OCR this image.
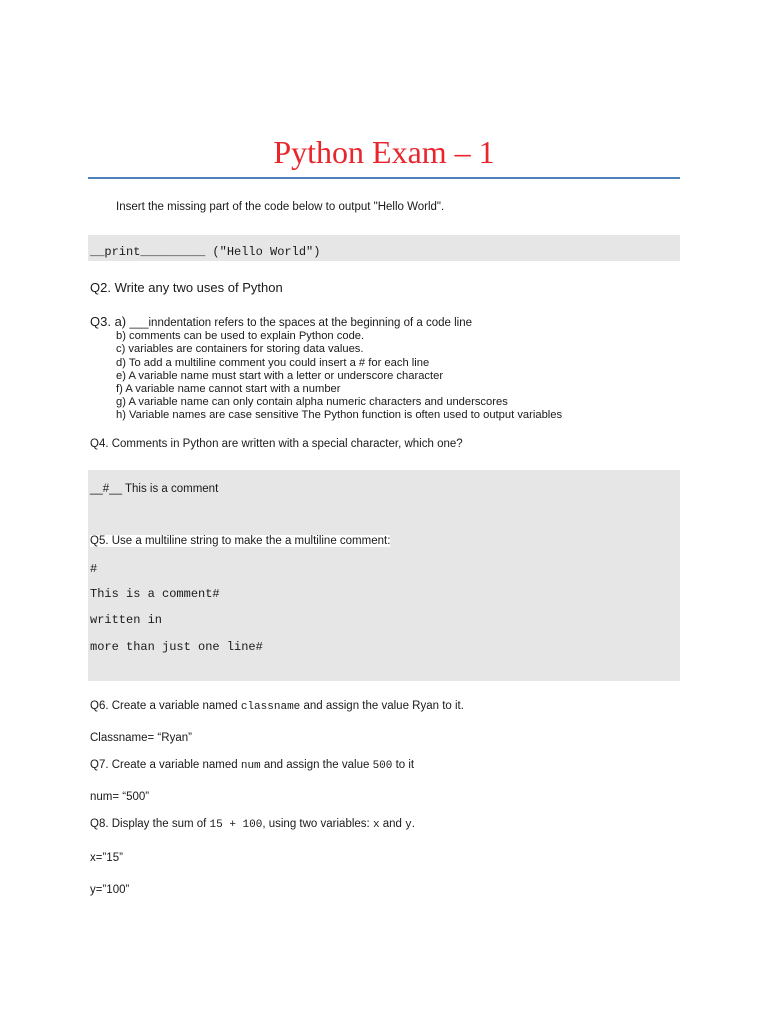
Python Exam – 1
Insert the missing part of the code below to output "Hello World".
__print_________ ("Hello World")
Q2. Write any two uses of Python
Q3. a) ___inndentation refers to the spaces at the beginning of a code line
b) comments can be used to explain Python code.
c) variables are containers for storing data values.
d) To add a multiline comment you could insert a # for each line
e) A variable name must start with a letter or underscore character
f) A variable name cannot start with a number
g) A variable name can only contain alpha numeric characters and underscores
h) Variable names are case sensitive The Python function is often used to output variables
Q4. Comments in Python are written with a special character, which one?
__#__ This is a comment
Q5. Use a multiline string to make the a multiline comment:
#
This is a comment#
written in
more than just one line#
Q6. Create a variable named classname and assign the value Ryan to it.
Classname= “Ryan”
Q7. Create a variable named num and assign the value 500 to it
num= “500”
Q8. Display the sum of 15 + 100, using two variables: x and y.
x=”15”
y=”100”
